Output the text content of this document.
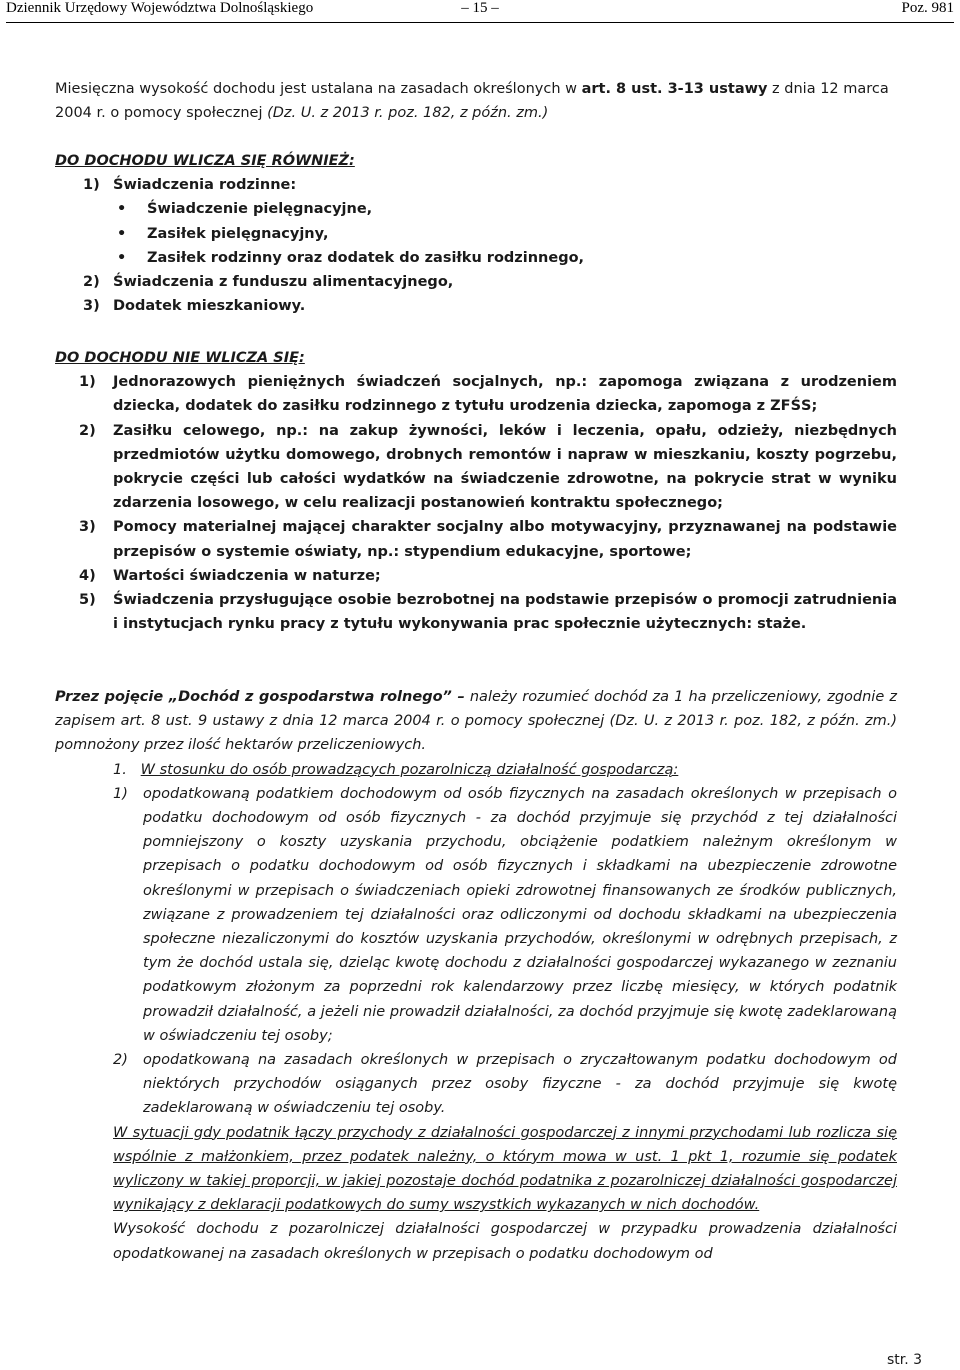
Dziennik Urzędowy Województwa Dolnośląskiego	– 15 –	Poz. 981
Miesięczna wysokość dochodu jest ustalana na zasadach określonych w art. 8 ust. 3-13 ustawy z dnia 12 marca 2004 r. o pomocy społecznej (Dz. U. z 2013 r. poz. 182, z późn. zm.)
DO DOCHODU WLICZA SIĘ RÓWNIEŻ:
1) Świadczenia rodzinne:
• Świadczenie pielęgnacyjne,
• Zasiłek pielęgnacyjny,
• Zasiłek rodzinny oraz dodatek do zasiłku rodzinnego,
2) Świadczenia z funduszu alimentacyjnego,
3) Dodatek mieszkaniowy.
DO DOCHODU NIE WLICZA SIĘ:
1) Jednorazowych pieniężnych świadczeń socjalnych, np.: zapomoga związana z urodzeniem dziecka, dodatek do zasiłku rodzinnego z tytułu urodzenia dziecka, zapomoga z ZFŚS;
2) Zasiłku celowego, np.: na zakup żywności, leków i leczenia, opału, odzieży, niezbędnych przedmiotów użytku domowego, drobnych remontów i napraw w mieszkaniu, koszty pogrzebu, pokrycie części lub całości wydatków na świadczenie zdrowotne, na pokrycie strat w wyniku zdarzenia losowego, w celu realizacji postanowień kontraktu społecznego;
3) Pomocy materialnej mającej charakter socjalny albo motywacyjny, przyznawanej na podstawie przepisów o systemie oświaty, np.: stypendium edukacyjne, sportowe;
4) Wartości świadczenia w naturze;
5) Świadczenia przysługujące osobie bezrobotnej na podstawie przepisów o promocji zatrudnienia i instytucjach rynku pracy z tytułu wykonywania prac społecznie użytecznych: staże.
Przez pojęcie „Dochód z gospodarstwa rolnego” – należy rozumieć dochód za 1 ha przeliczeniowy, zgodnie z zapisem art. 8 ust. 9 ustawy z dnia 12 marca 2004 r. o pomocy społecznej (Dz. U. z 2013 r. poz. 182, z późn. zm.) pomnożony przez ilość hektarów przeliczeniowych.
1. W stosunku do osób prowadzących pozarolniczą działalność gospodarczą:
1) opodatkowaną podatkiem dochodowym od osób fizycznych na zasadach określonych w przepisach o podatku dochodowym od osób fizycznych - za dochód przyjmuje się przychód z tej działalności pomniejszony o koszty uzyskania przychodu, obciążenie podatkiem należnym określonym w przepisach o podatku dochodowym od osób fizycznych i składkami na ubezpieczenie zdrowotne określonymi w przepisach o świadczeniach opieki zdrowotnej finansowanych ze środków publicznych, związane z prowadzeniem tej działalności oraz odliczonymi od dochodu składkami na ubezpieczenia społeczne niezaliczonymi do kosztów uzyskania przychodów, określonymi w odrębnych przepisach, z tym że dochód ustala się, dzieląc kwotę dochodu z działalności gospodarczej wykazanego w zeznaniu podatkowym złożonym za poprzedni rok kalendarzowy przez liczbę miesięcy, w których podatnik prowadził działalność, a jeżeli nie prowadził działalności, za dochód przyjmuje się kwotę zadeklarowaną w oświadczeniu tej osoby;
2) opodatkowaną na zasadach określonych w przepisach o zryczałtowanym podatku dochodowym od niektórych przychodów osiąganych przez osoby fizyczne - za dochód przyjmuje się kwotę zadeklarowaną w oświadczeniu tej osoby.
W sytuacji gdy podatnik łączy przychody z działalności gospodarczej z innymi przychodami lub rozlicza się wspólnie z małżonkiem, przez podatek należny, o którym mowa w ust. 1 pkt 1, rozumie się podatek wyliczony w takiej proporcji, w jakiej pozostaje dochód podatnika z pozarolniczej działalności gospodarczej wynikający z deklaracji podatkowych do sumy wszystkich wykazanych w nich dochodów.
Wysokość dochodu z pozarolniczej działalności gospodarczej w przypadku prowadzenia działalności opodatkowanej na zasadach określonych w przepisach o podatku dochodowym od
str. 3
